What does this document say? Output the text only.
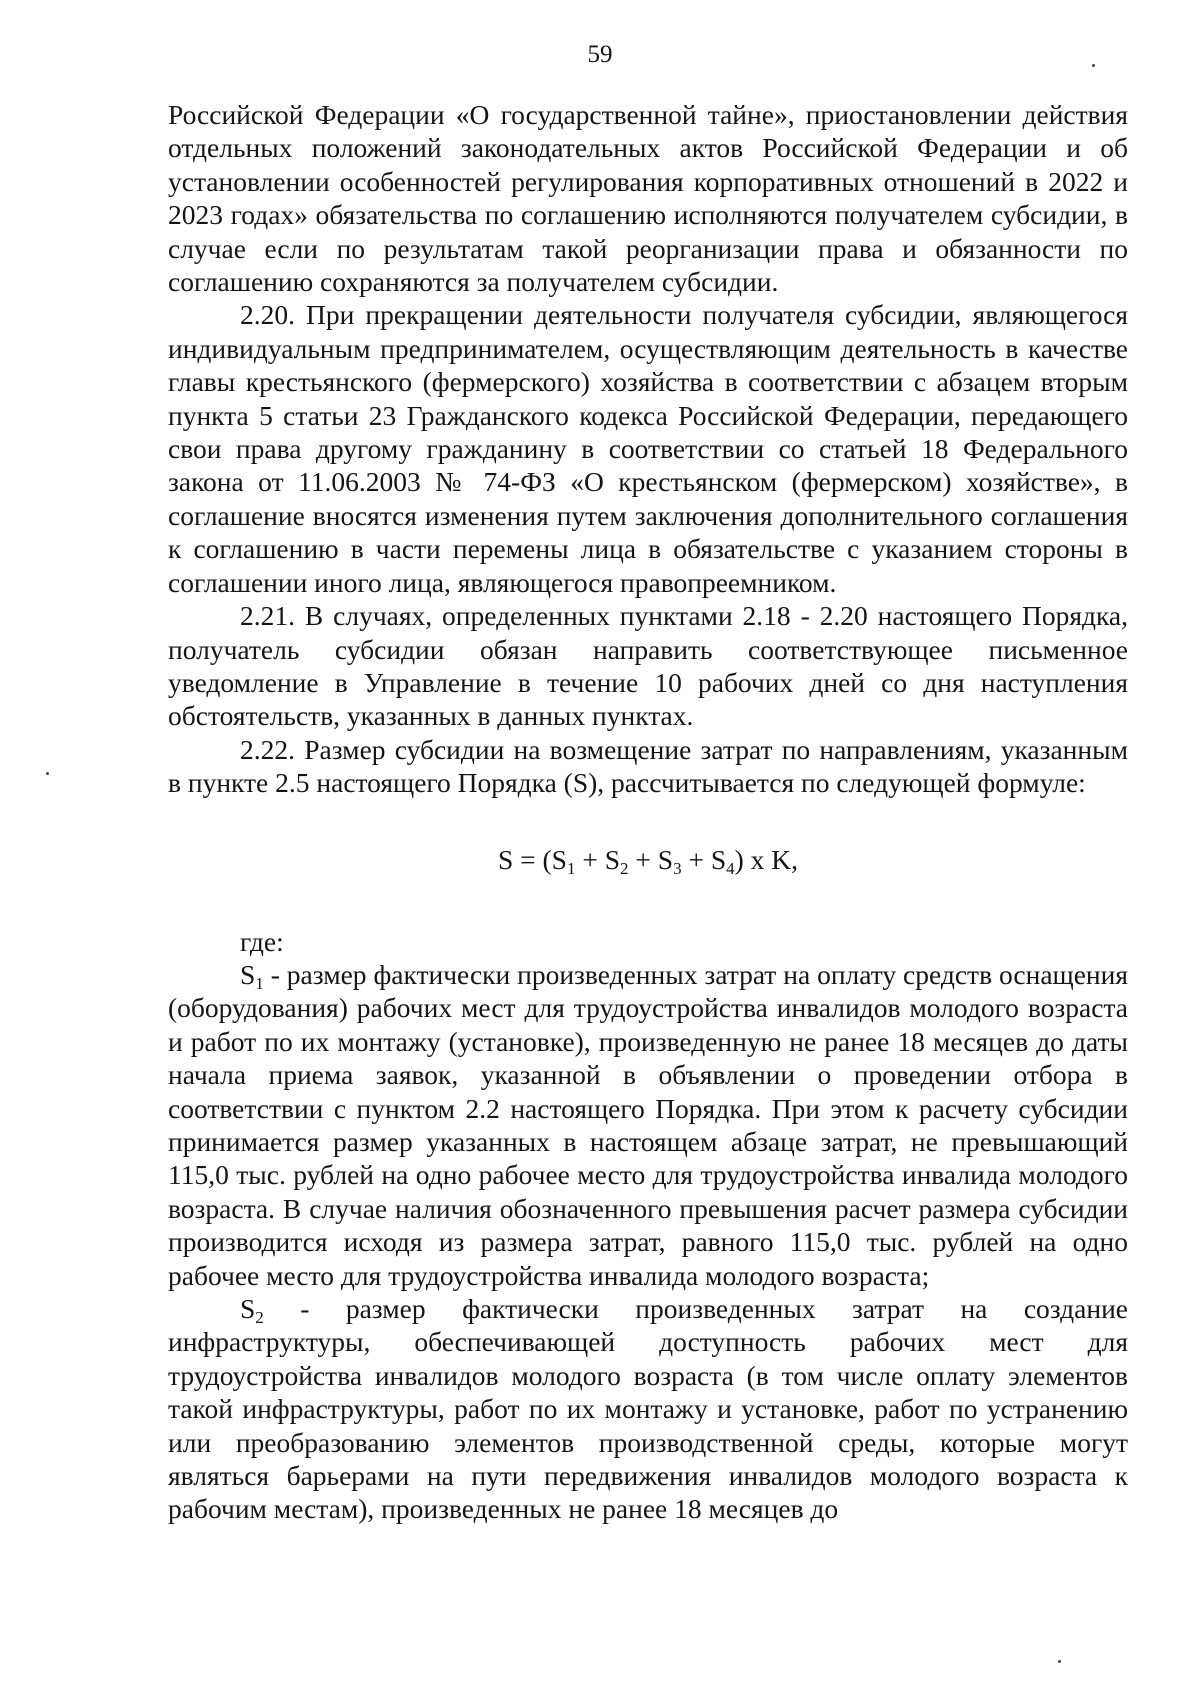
59

Российской Федерации «О государственной тайне», приостановлении действия отдельных положений законодательных актов Российской Федерации и об установлении особенностей регулирования корпоративных отношений в 2022 и 2023 годах» обязательства по соглашению исполняются получателем субсидии, в случае если по результатам такой реорганизации права и обязанности по соглашению сохраняются за получателем субсидии.

2.20. При прекращении деятельности получателя субсидии, являющегося индивидуальным предпринимателем, осуществляющим деятельность в качестве главы крестьянского (фермерского) хозяйства в соответствии с абзацем вторым пункта 5 статьи 23 Гражданского кодекса Российской Федерации, передающего свои права другому гражданину в соответствии со статьей 18 Федерального закона от 11.06.2003 № 74-ФЗ «О крестьянском (фермерском) хозяйстве», в соглашение вносятся изменения путем заключения дополнительного соглашения к соглашению в части перемены лица в обязательстве с указанием стороны в соглашении иного лица, являющегося правопреемником.

2.21. В случаях, определенных пунктами 2.18 - 2.20 настоящего Порядка, получатель субсидии обязан направить соответствующее письменное уведомление в Управление в течение 10 рабочих дней со дня наступления обстоятельств, указанных в данных пунктах.

2.22. Размер субсидии на возмещение затрат по направлениям, указанным в пункте 2.5 настоящего Порядка (S), рассчитывается по следующей формуле:

$S = (S_1 + S_2 + S_3 + S_4)$ x K,

где:

$S_1$ - размер фактически произведенных затрат на оплату средств оснащения (оборудования) рабочих мест для трудоустройства инвалидов молодого возраста и работ по их монтажу (установке), произведенную не ранее 18 месяцев до даты начала приема заявок, указанной в объявлении о проведении отбора в соответствии с пунктом 2.2 настоящего Порядка. При этом к расчету субсидии принимается размер указанных в настоящем абзаце затрат, не превышающий 115,0 тыс. рублей на одно рабочее место для трудоустройства инвалида молодого возраста. В случае наличия обозначенного превышения расчет размера субсидии производится исходя из размера затрат, равного 115,0 тыс. рублей на одно рабочее место для трудоустройства инвалида молодого возраста;

$S_2$ - размер фактически произведенных затрат на создание инфраструктуры, обеспечивающей доступность рабочих мест для трудоустройства инвалидов молодого возраста (в том числе оплату элементов такой инфраструктуры, работ по их монтажу и установке, работ по устранению или преобразованию элементов производственной среды, которые могут являться барьерами на пути передвижения инвалидов молодого возраста к рабочим местам), произведенных не ранее 18 месяцев до
